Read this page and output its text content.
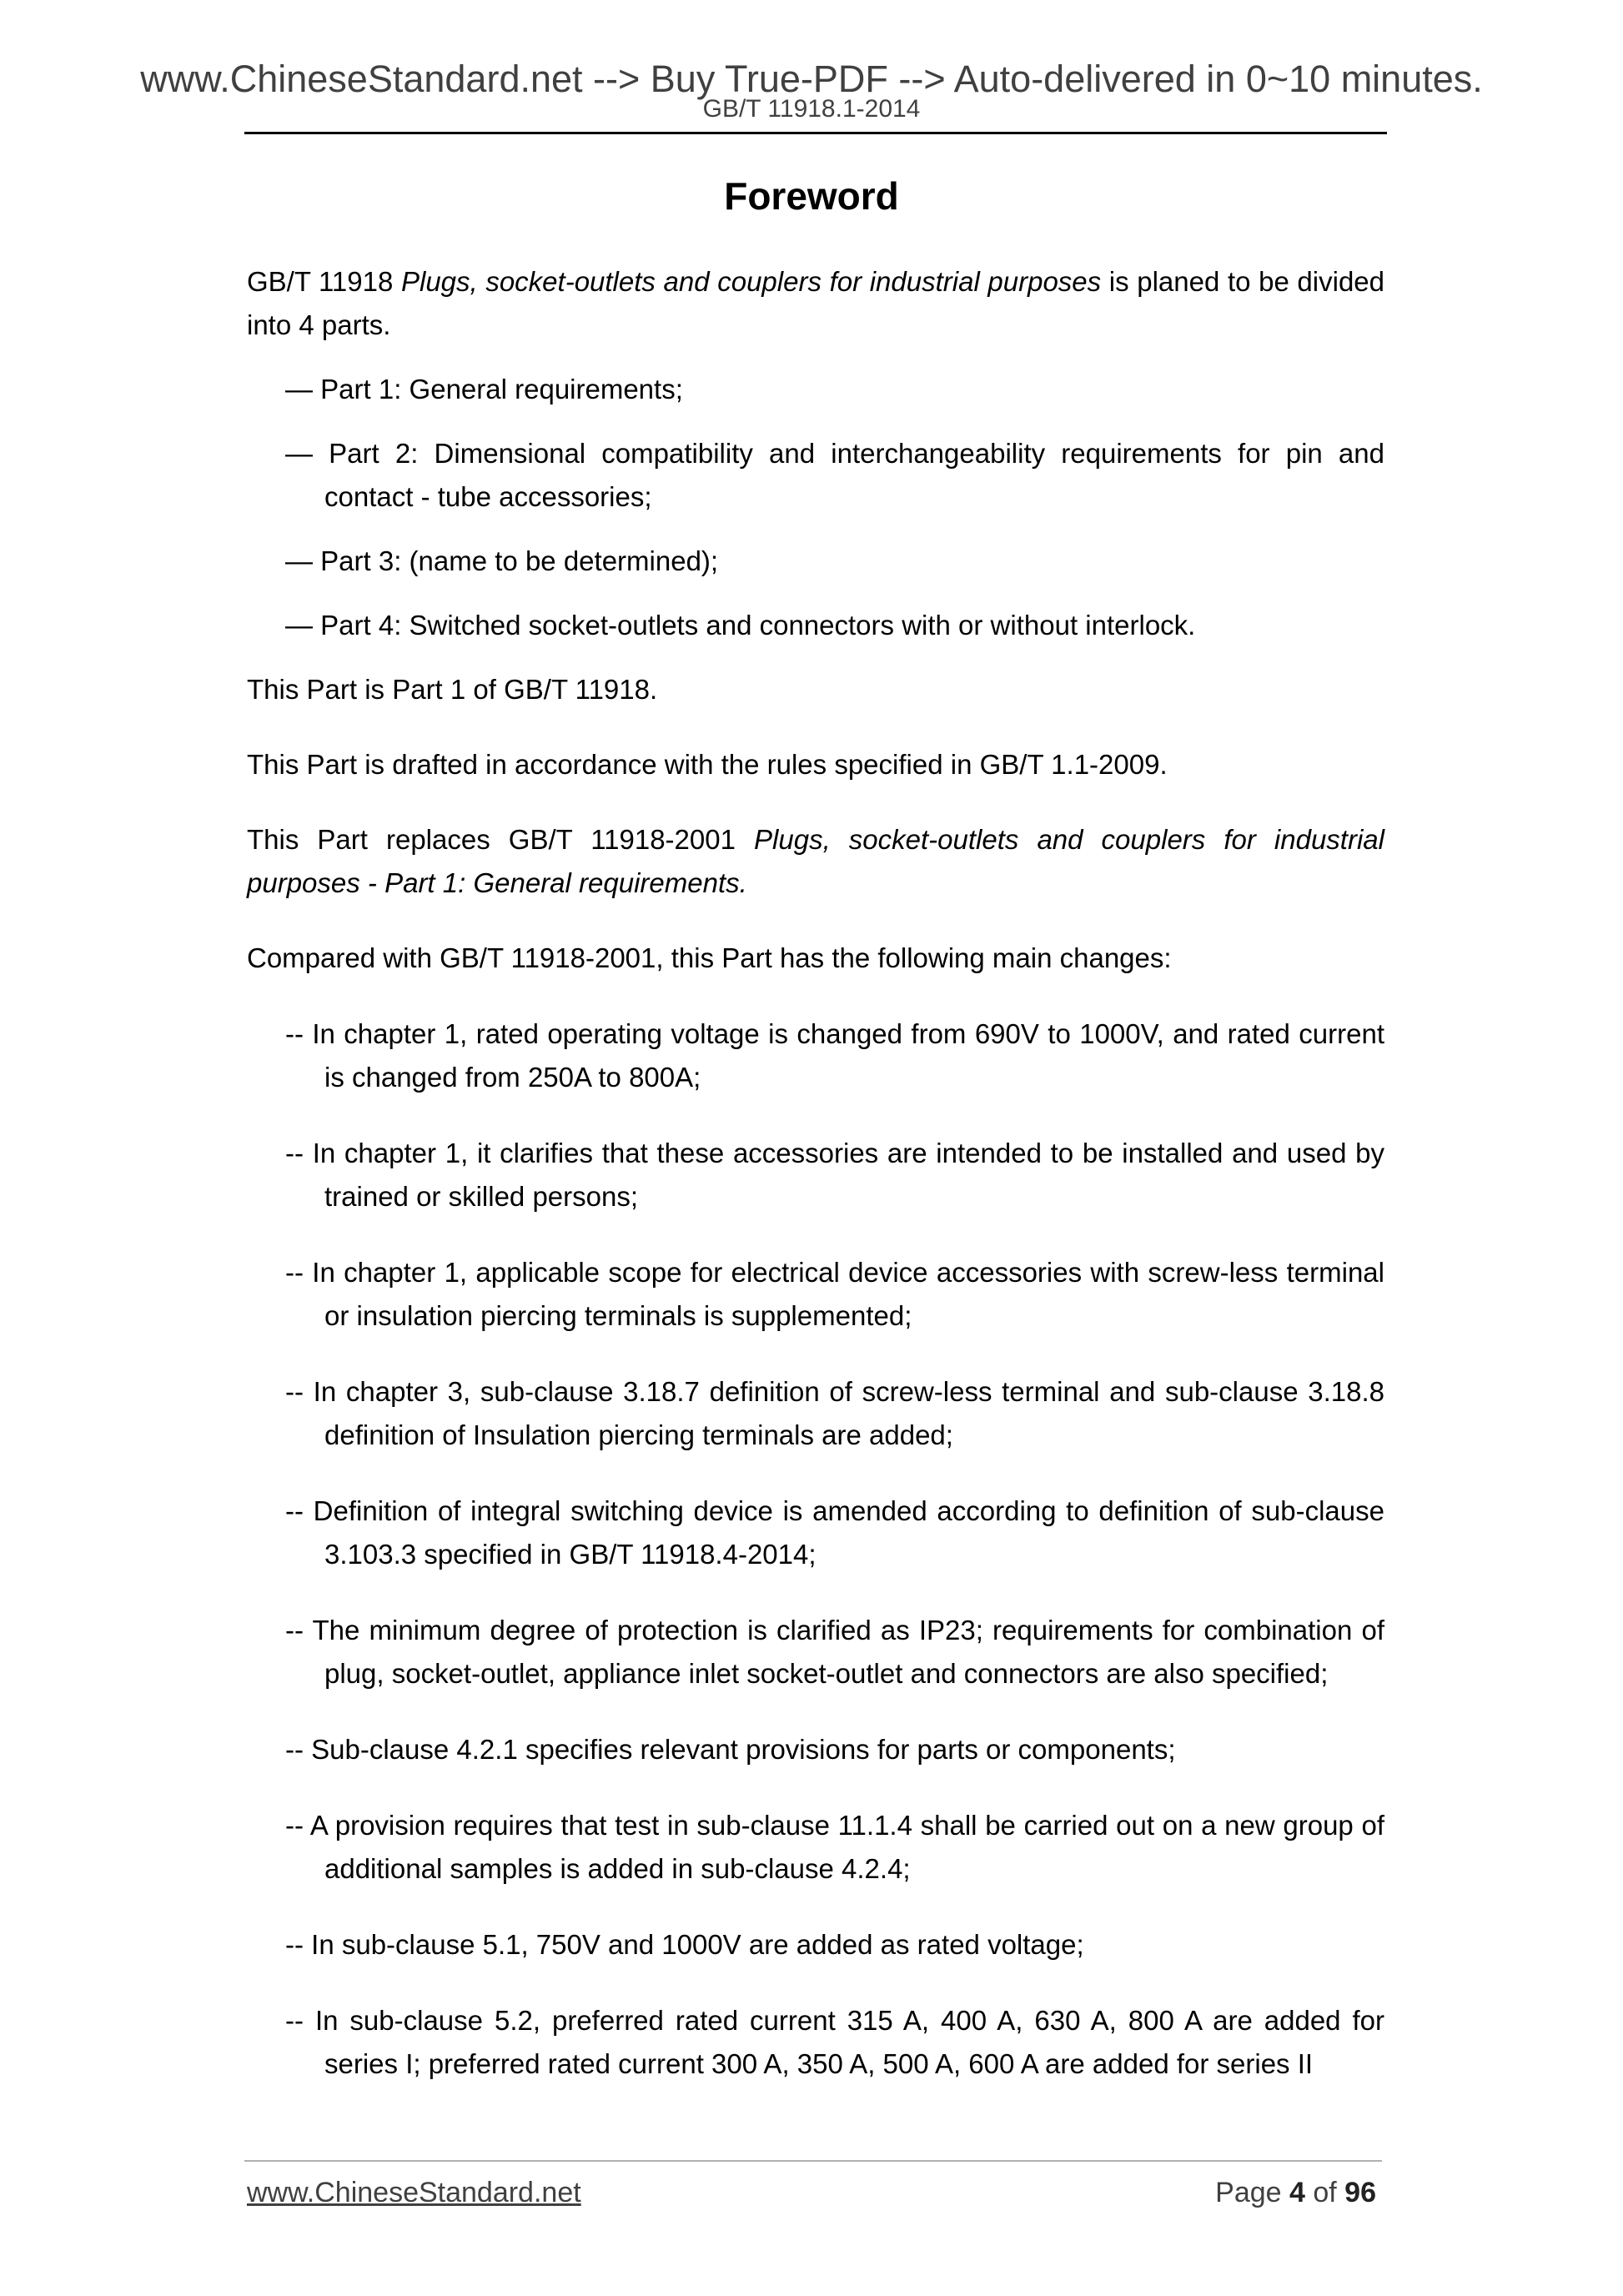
www.ChineseStandard.net --> Buy True-PDF --> Auto-delivered in 0~10 minutes.
GB/T 11918.1-2014
Foreword

GB/T 11918 Plugs, socket-outlets and couplers for industrial purposes is planed to be divided into 4 parts.

— Part 1: General requirements;

— Part 2: Dimensional compatibility and interchangeability requirements for pin and contact - tube accessories;

— Part 3: (name to be determined);

— Part 4: Switched socket-outlets and connectors with or without interlock.

This Part is Part 1 of GB/T 11918.

This Part is drafted in accordance with the rules specified in GB/T 1.1-2009.

This Part replaces GB/T 11918-2001 Plugs, socket-outlets and couplers for industrial purposes - Part 1: General requirements.

Compared with GB/T 11918-2001, this Part has the following main changes:

-- In chapter 1, rated operating voltage is changed from 690V to 1000V, and rated current is changed from 250A to 800A;

-- In chapter 1, it clarifies that these accessories are intended to be installed and used by trained or skilled persons;

-- In chapter 1, applicable scope for electrical device accessories with screw-less terminal or insulation piercing terminals is supplemented;

-- In chapter 3, sub-clause 3.18.7 definition of screw-less terminal and sub-clause 3.18.8 definition of Insulation piercing terminals are added;

-- Definition of integral switching device is amended according to definition of sub-clause 3.103.3 specified in GB/T 11918.4-2014;

-- The minimum degree of protection is clarified as IP23; requirements for combination of plug, socket-outlet, appliance inlet socket-outlet and connectors are also specified;

-- Sub-clause 4.2.1 specifies relevant provisions for parts or components;

-- A provision requires that test in sub-clause 11.1.4 shall be carried out on a new group of additional samples is added in sub-clause 4.2.4;

-- In sub-clause 5.1, 750V and 1000V are added as rated voltage;

-- In sub-clause 5.2, preferred rated current 315 A, 400 A, 630 A, 800 A are added for series I; preferred rated current 300 A, 350 A, 500 A, 600 A are added for series II

www.ChineseStandard.net	Page 4 of 96
